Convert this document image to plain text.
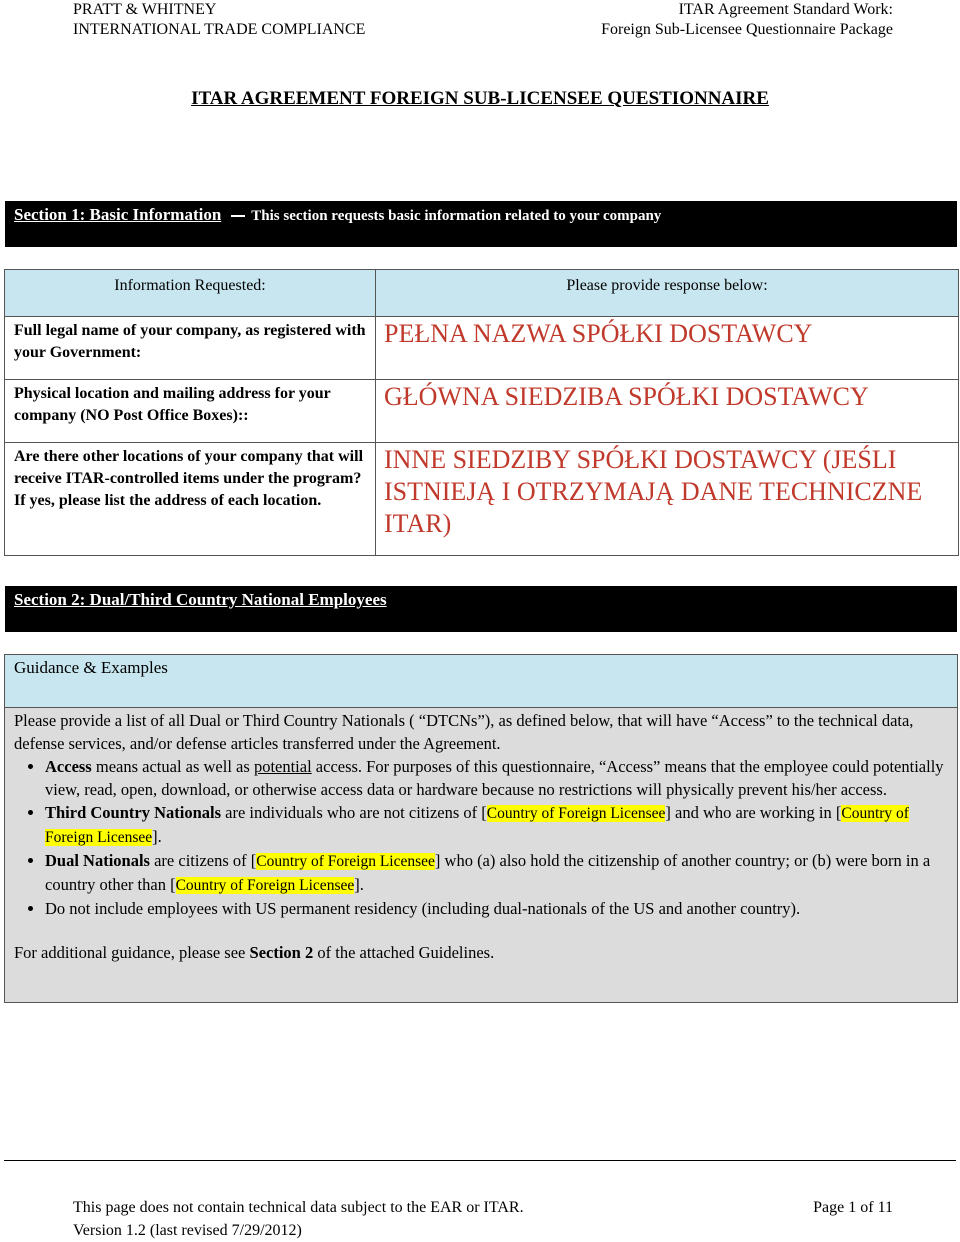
PRATT & WHITNEY
INTERNATIONAL TRADE COMPLIANCE
ITAR Agreement Standard Work:
Foreign Sub-Licensee Questionnaire Package
ITAR AGREEMENT FOREIGN SUB-LICENSEE QUESTIONNAIRE
Section 1: Basic Information This section requests basic information related to your company
Information Requested:	Please provide response below:
Full legal name of your company, as registered with your Government:	PEŁNA NAZWA SPÓŁKI DOSTAWCY
Physical location and mailing address for your company (NO Post Office Boxes)::	GŁÓWNA SIEDZIBA SPÓŁKI DOSTAWCY
Are there other locations of your company that will receive ITAR-controlled items under the program? If yes, please list the address of each location.	INNE SIEDZIBY SPÓŁKI DOSTAWCY (JEŚLI ISTNIEJĄ I OTRZYMAJĄ DANE TECHNICZNE ITAR)
Section 2: Dual/Third Country National Employees
Guidance & Examples

Please provide a list of all Dual or Third Country Nationals ( “DTCNs”), as defined below, that will have “Access” to the technical data, defense services, and/or defense articles transferred under the Agreement.

• Access means actual as well as potential access. For purposes of this questionnaire, “Access” means that the employee could potentially view, read, open, download, or otherwise access data or hardware because no restrictions will physically prevent his/her access.
• Third Country Nationals are individuals who are not citizens of [Country of Foreign Licensee] and who are working in [Country of Foreign Licensee].
• Dual Nationals are citizens of [Country of Foreign Licensee] who (a) also hold the citizenship of another country; or (b) were born in a country other than [Country of Foreign Licensee].
• Do not include employees with US permanent residency (including dual-nationals of the US and another country).

For additional guidance, please see Section 2 of the attached Guidelines.

This page does not contain technical data subject to the EAR or ITAR.
Version 1.2 (last revised 7/29/2012)
Page 1 of 11
